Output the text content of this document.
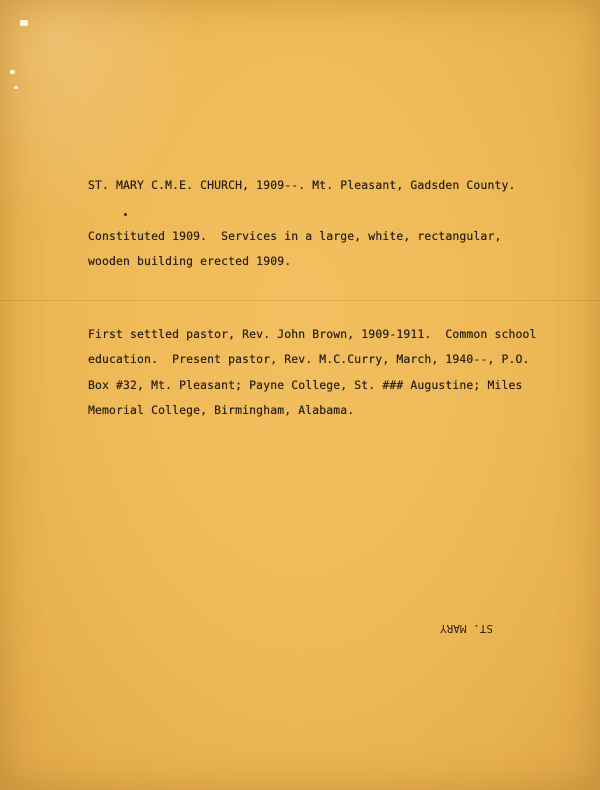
ST. MARY C.M.E. CHURCH, 1909--. Mt. Pleasant, Gadsden County.
Constituted 1909.  Services in a large, white, rectangular,
wooden building erected 1909.
First settled pastor, Rev. John Brown, 1909-1911.  Common school
education.  Present pastor, Rev. M.C.Curry, March, 1940--, P.O.
Box #32, Mt. Pleasant; Payne College, St. ### Augustine; Miles
Memorial College, Birmingham, Alabama.
ST. MARY
